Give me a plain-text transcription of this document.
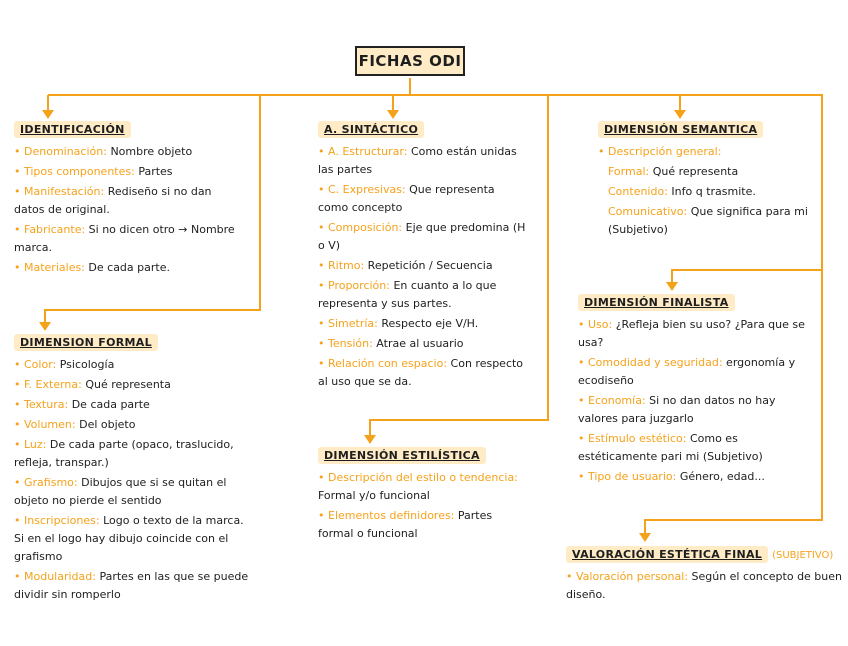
FICHAS ODI
IDENTIFICACIÓN

• Denominación: Nombre objeto

• Tipos componentes: Partes

• Manifestación: Rediseño si no dan datos de original.

• Fabricante: Si no dicen otro → Nombre marca.

• Materiales: De cada parte.

DIMENSION FORMAL

• Color: Psicología

• F. Externa: Qué representa

• Textura: De cada parte

• Volumen: Del objeto

• Luz: De cada parte (opaco, traslucido, refleja, transpar.)

• Grafismo: Dibujos que si se quitan el objeto no pierde el sentido

• Inscripciones: Logo o texto de la marca. Si en el logo hay dibujo coincide con el grafismo

• Modularidad: Partes en las que se puede dividir sin romperlo

A. SINTÁCTICO

• A. Estructurar: Como están unidas las partes

• C. Expresivas: Que representa como concepto

• Composición: Eje que predomina (H o V)

• Ritmo: Repetición / Secuencia

• Proporción: En cuanto a lo que representa y sus partes.

• Simetría: Respecto eje V/H.

• Tensión: Atrae al usuario

• Relación con espacio: Con respecto al uso que se da.

DIMENSIÓN ESTILÍSTICA

• Descripción del estilo o tendencia: Formal y/o funcional

• Elementos definidores: Partes formal o funcional

DIMENSIÓN SEMANTICA

• Descripción general:

Formal: Qué representa

Contenido: Info q trasmite.

Comunicativo: Que significa para mi (Subjetivo)

DIMENSIÓN FINALISTA

• Uso: ¿Refleja bien su uso? ¿Para que se usa?

• Comodidad y seguridad: ergonomía y ecodiseño

• Economía: Si no dan datos no hay valores para juzgarlo

• Estímulo estético: Como es estéticamente pari mi (Subjetivo)

• Tipo de usuario: Género, edad...

VALORACIÓN ESTÉTICA FINAL (SUBJETIVO)

• Valoración personal: Según el concepto de buen diseño.
